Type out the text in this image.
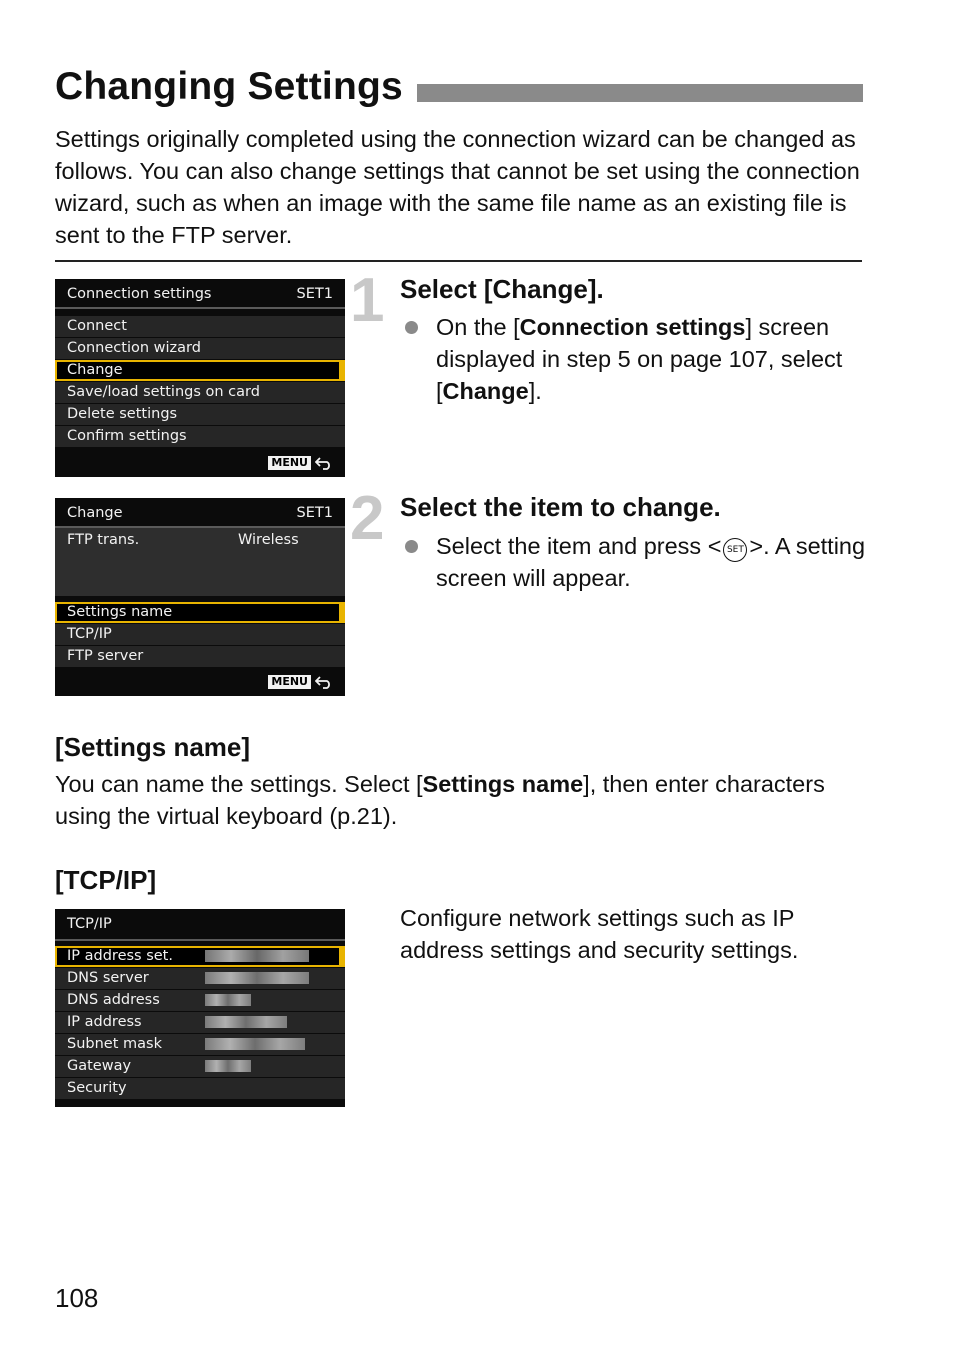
Changing Settings

Settings originally completed using the connection wizard can be changed as follows. You can also change settings that cannot be set using the connection wizard, such as when an image with the same file name as an existing file is sent to the FTP server.

Connection settings	SET1
Connect
Connection wizard
Change
Save/load settings on card
Delete settings
Confirm settings
MENU
1 Select [Change].

On the [Connection settings] screen displayed in step 5 on page 107, select [Change].

Change	SET1
FTP trans.	Wireless
Settings name
TCP/IP
FTP server
MENU
2 Select the item to change.

Select the item and press < SET >. A setting screen will appear.

[Settings name]

You can name the settings. Select [Settings name], then enter characters using the virtual keyboard (p.21).

[TCP/IP]
TCP/IP
IP address set.
DNS server
DNS address
IP address
Subnet mask
Gateway
Security

Configure network settings such as IP address settings and security settings.

108
